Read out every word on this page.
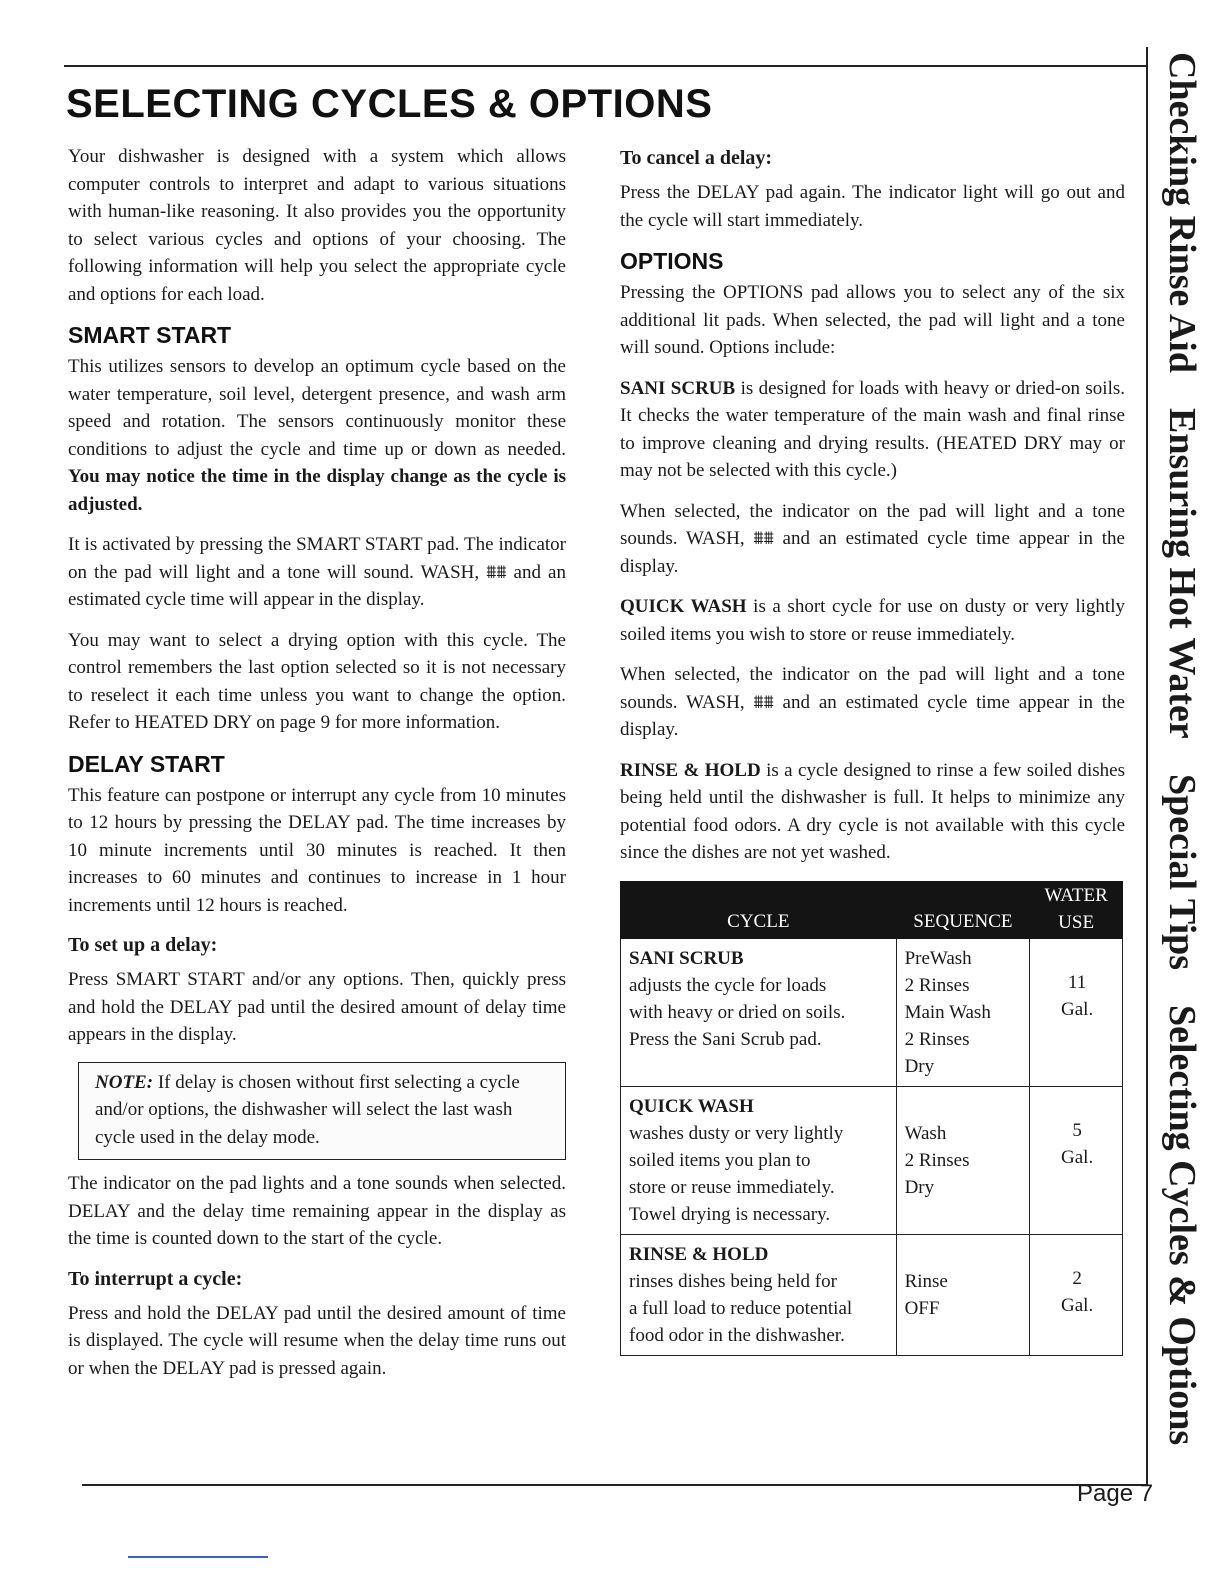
SELECTING CYCLES & OPTIONS

Your dishwasher is designed with a system which allows computer controls to interpret and adapt to various situations with human-like reasoning. It also provides you the opportunity to select various cycles and options of your choosing. The following information will help you select the appropriate cycle and options for each load.

SMART START

This utilizes sensors to develop an optimum cycle based on the water temperature, soil level, detergent presence, and wash arm speed and rotation. The sensors continuously monitor these conditions to adjust the cycle and time up or down as needed. You may notice the time in the display change as the cycle is adjusted.

It is activated by pressing the SMART START pad. The indicator on the pad will light and a tone will sound. WASH, ⩩⩩ and an estimated cycle time will appear in the display.

You may want to select a drying option with this cycle. The control remembers the last option selected so it is not necessary to reselect it each time unless you want to change the option. Refer to HEATED DRY on page 9 for more information.

DELAY START

This feature can postpone or interrupt any cycle from 10 minutes to 12 hours by pressing the DELAY pad. The time increases by 10 minute increments until 30 minutes is reached. It then increases to 60 minutes and continues to increase in 1 hour increments until 12 hours is reached.

To set up a delay:

Press SMART START and/or any options. Then, quickly press and hold the DELAY pad until the desired amount of delay time appears in the display.

NOTE: If delay is chosen without first selecting a cycle and/or options, the dishwasher will select the last wash cycle used in the delay mode.

The indicator on the pad lights and a tone sounds when selected. DELAY and the delay time remaining appear in the display as the time is counted down to the start of the cycle.

To interrupt a cycle:

Press and hold the DELAY pad until the desired amount of time is displayed. The cycle will resume when the delay time runs out or when the DELAY pad is pressed again.

To cancel a delay:

Press the DELAY pad again. The indicator light will go out and the cycle will start immediately.

OPTIONS

Pressing the OPTIONS pad allows you to select any of the six additional lit pads. When selected, the pad will light and a tone will sound. Options include:

SANI SCRUB is designed for loads with heavy or dried-on soils. It checks the water temperature of the main wash and final rinse to improve cleaning and drying results. (HEATED DRY may or may not be selected with this cycle.)

When selected, the indicator on the pad will light and a tone sounds. WASH, ⩩⩩ and an estimated cycle time appear in the display.

QUICK WASH is a short cycle for use on dusty or very lightly soiled items you wish to store or reuse immediately.

When selected, the indicator on the pad will light and a tone sounds. WASH, ⩩⩩ and an estimated cycle time appear in the display.

RINSE & HOLD is a cycle designed to rinse a few soiled dishes being held until the dishwasher is full. It helps to minimize any potential food odors. A dry cycle is not available with this cycle since the dishes are not yet washed.

CYCLE	SEQUENCE	WATER
USE

SANI SCRUB
adjusts the cycle for loads
with heavy or dried on soils.
Press the Sani Scrub pad.	PreWash
2 Rinses
Main Wash
2 Rinses
Dry	11
Gal.

QUICK WASH
washes dusty or very lightly
soiled items you plan to
store or reuse immediately.
Towel drying is necessary.	Wash
2 Rinses
Dry	5
Gal.

RINSE & HOLD
rinses dishes being held for
a full load to reduce potential
food odor in the dishwasher.	Rinse
OFF	2
Gal.
Checking Rinse AidEnsuring Hot WaterSpecial TipsSelecting Cycles & Options
Page 7
